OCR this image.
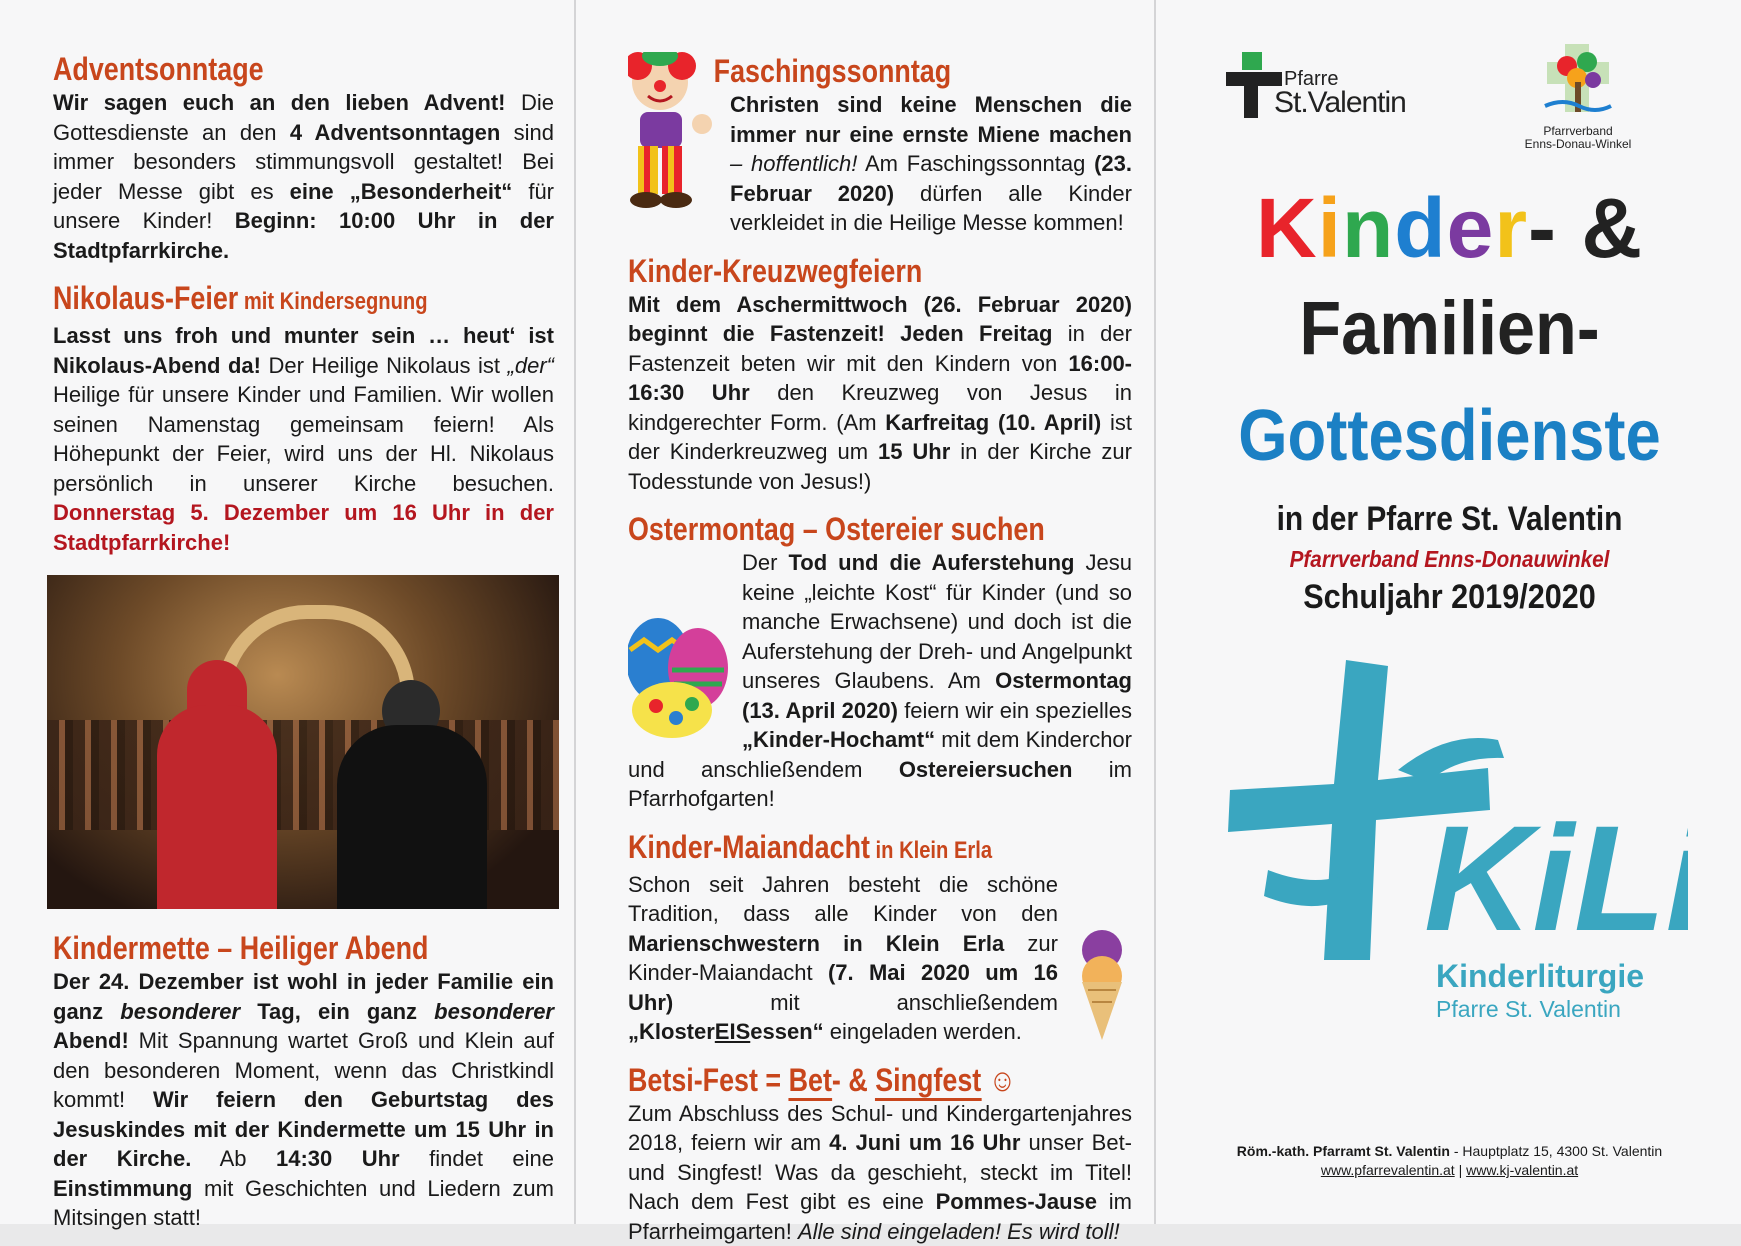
Adventsonntage

Wir sagen euch an den lieben Advent! Die Gottesdienste an den 4 Adventsonntagen sind immer besonders stimmungsvoll gestaltet! Bei jeder Messe gibt es eine „Besonderheit“ für unsere Kinder! Beginn: 10:00 Uhr in der Stadtpfarrkirche.

Nikolaus-Feier mit Kindersegnung

Lasst uns froh und munter sein … heut‘ ist Nikolaus-Abend da! Der Heilige Nikolaus ist „der“ Heilige für unsere Kinder und Familien. Wir wollen seinen Namenstag gemeinsam feiern! Als Höhepunkt der Feier, wird uns der Hl. Nikolaus persönlich in unserer Kirche besuchen. Donnerstag 5. Dezember um 16 Uhr in der Stadtpfarrkirche!

Kindermette – Heiliger Abend

Der 24. Dezember ist wohl in jeder Familie ein ganz besonderer Tag, ein ganz besonderer Abend! Mit Spannung wartet Groß und Klein auf den besonderen Moment, wenn das Christkindl kommt! Wir feiern den Geburtstag des Jesuskindes mit der Kindermette um 15 Uhr in der Kirche. Ab 14:30 Uhr findet eine Einstimmung mit Geschichten und Liedern zum Mitsingen statt!

Faschingssonntag

Christen sind keine Menschen die immer nur eine ernste Miene machen – hoffentlich! Am Faschingssonntag (23. Februar 2020) dürfen alle Kinder verkleidet in die Heilige Messe kommen!

Kinder-Kreuzwegfeiern

Mit dem Aschermittwoch (26. Februar 2020) beginnt die Fastenzeit! Jeden Freitag in der Fastenzeit beten wir mit den Kindern von 16:00-16:30 Uhr den Kreuzweg von Jesus in kindgerechter Form. (Am Karfreitag (10. April) ist der Kinderkreuzweg um 15 Uhr in der Kirche zur Todesstunde von Jesus!)

Ostermontag – Ostereier suchen

Der Tod und die Auferstehung Jesu keine „leichte Kost“ für Kinder (und so manche Erwachsene) und doch ist die Auferstehung der Dreh- und Angelpunkt unseres Glaubens. Am Ostermontag (13. April 2020) feiern wir ein spezielles „Kinder-Hochamt“ mit dem Kinderchor und anschließendem Ostereiersuchen im Pfarrhofgarten!

Kinder-Maiandacht in Klein Erla

Schon seit Jahren besteht die schöne Tradition, dass alle Kinder von den Marienschwestern in Klein Erla zur Kinder-Maiandacht (7. Mai 2020 um 16 Uhr) mit anschließendem „KlosterEISessen“ eingeladen werden.

Betsi-Fest = Bet- & Singfest ☺

Zum Abschluss des Schul- und Kindergartenjahres 2018, feiern wir am 4. Juni um 16 Uhr unser Bet- und Singfest! Was da geschieht, steckt im Titel! Nach dem Fest gibt es eine Pommes-Jause im Pfarrheimgarten! Alle sind eingeladen! Es wird toll!

Pfarre
St.Valentin
Pfarrverband
Enns-Donau-Winkel
Kinder- &
Familien-
Gottesdienste
in der Pfarre St. Valentin
Pfarrverband Enns-Donauwinkel
Schuljahr 2019/2020
KiLi
Kinderliturgie
Pfarre St. Valentin
Röm.-kath. Pfarramt St. Valentin - Hauptplatz 15, 4300 St. Valentin
www.pfarrevalentin.at | www.kj-valentin.at
